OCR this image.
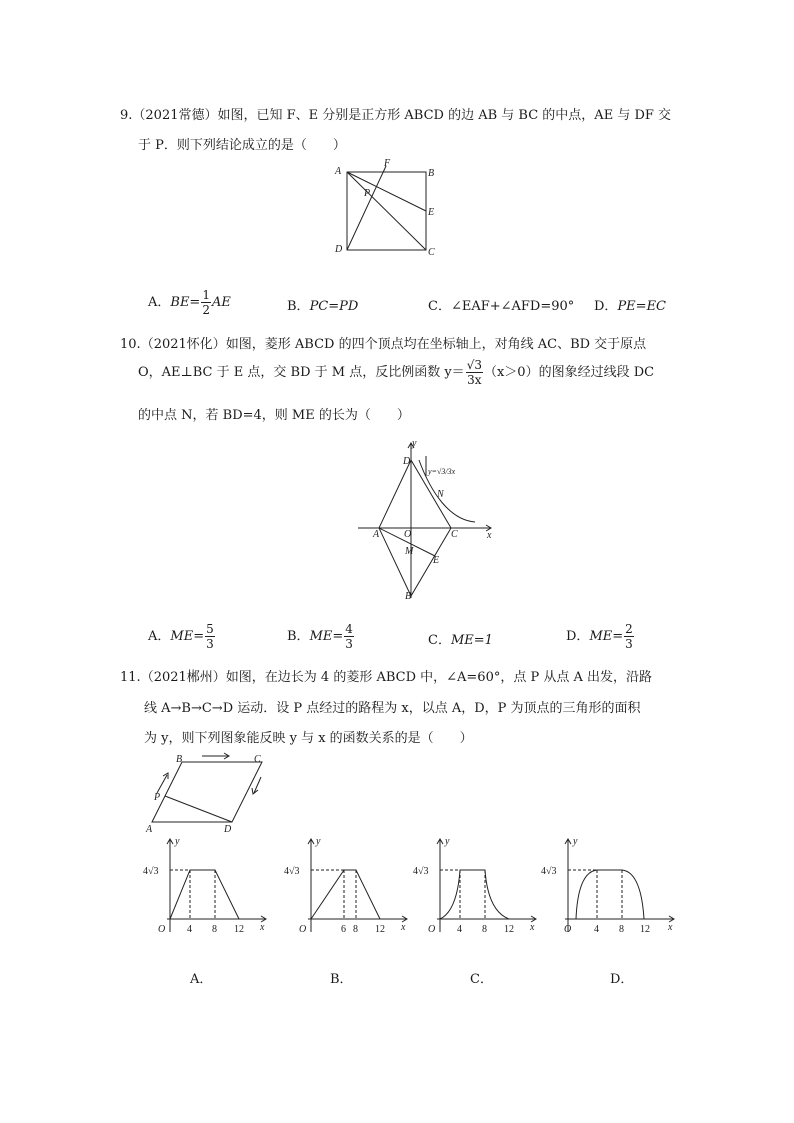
9.（2021常德）如图，已知 F、E 分别是正方形 ABCD 的边 AB 与 BC 的中点，AE 与 DF 交
于 P．则下列结论成立的是（　　）
A	B
C
D
E
F
P
A．$BE= \frac{1}{2}$ AE	B．PC=PD	C．∠EAF+∠AFD=90° D．PE=EC
10.（2021怀化）如图，菱形 ABCD 的四个顶点均在坐标轴上，对角线 AC、BD 交于原点
O，AE⊥BC 于 E 点，交 BD 于 M 点，反比例函数 $y= \frac{√3}{3x} (x>0)$的图象经过线段 DC
的中点 N，若 BD=4，则 ME 的长为（　　）
y
x
D
N
A O	C
M
E
B
y=√3/3x
A．$ME= \frac{5}{3}$	B．$ME= \frac{4}{3}$	C．ME=1	D．$ME= \frac{2}{3}$
11.（2021郴州）如图，在边长为 4 的菱形 ABCD 中，∠A=60°，点 P 从点 A 出发，沿路
线 A→B→C→D 运动．设 P 点经过的路程为 x，以点 A，D，P 为顶点的三角形的面积
为 y，则下列图象能反映 y 与 x 的函数关系的是（　　）
A
B	C
D
P
y
x
O
4√3
4 8 12
y
x
O
4√3
6 8 12
y
x
O
4√3
4 8 12
y
x
O
4√3
4 8 12
A．	B．	C．	D．
